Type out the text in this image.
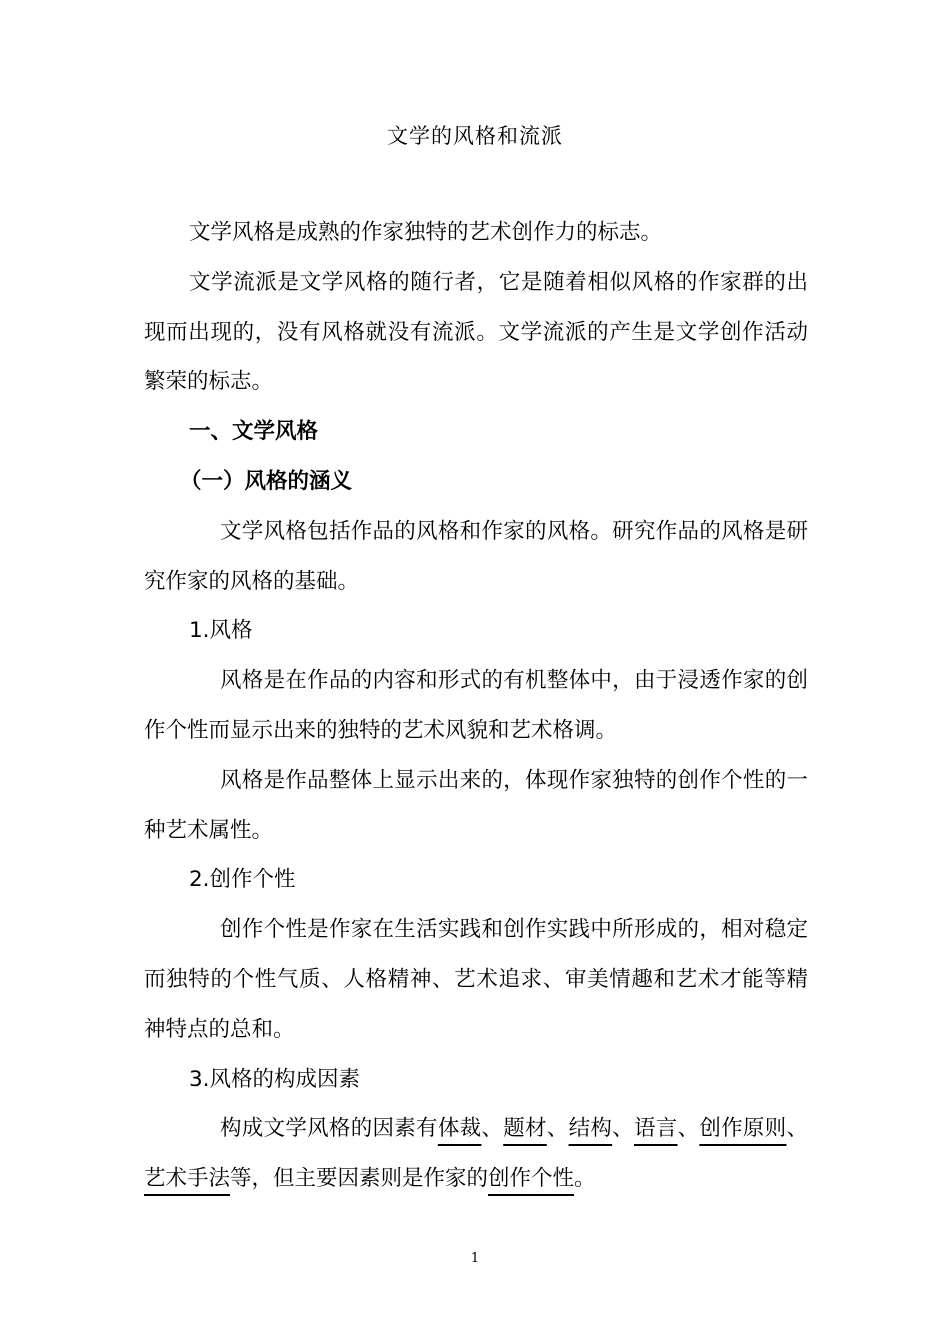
文学的风格和流派

文学风格是成熟的作家独特的艺术创作力的标志。

文学流派是文学风格的随行者，它是随着相似风格的作家群的出现而出现的，没有风格就没有流派。文学流派的产生是文学创作活动繁荣的标志。

一、文学风格

（一）风格的涵义

文学风格包括作品的风格和作家的风格。研究作品的风格是研究作家的风格的基础。

1.风格

风格是在作品的内容和形式的有机整体中，由于浸透作家的创作个性而显示出来的独特的艺术风貌和艺术格调。

风格是作品整体上显示出来的，体现作家独特的创作个性的一种艺术属性。

2.创作个性

创作个性是作家在生活实践和创作实践中所形成的，相对稳定而独特的个性气质、人格精神、艺术追求、审美情趣和艺术才能等精神特点的总和。

3.风格的构成因素

构成文学风格的因素有体裁、题材、结构、语言、创作原则、艺术手法等，但主要因素则是作家的创作个性。

1
